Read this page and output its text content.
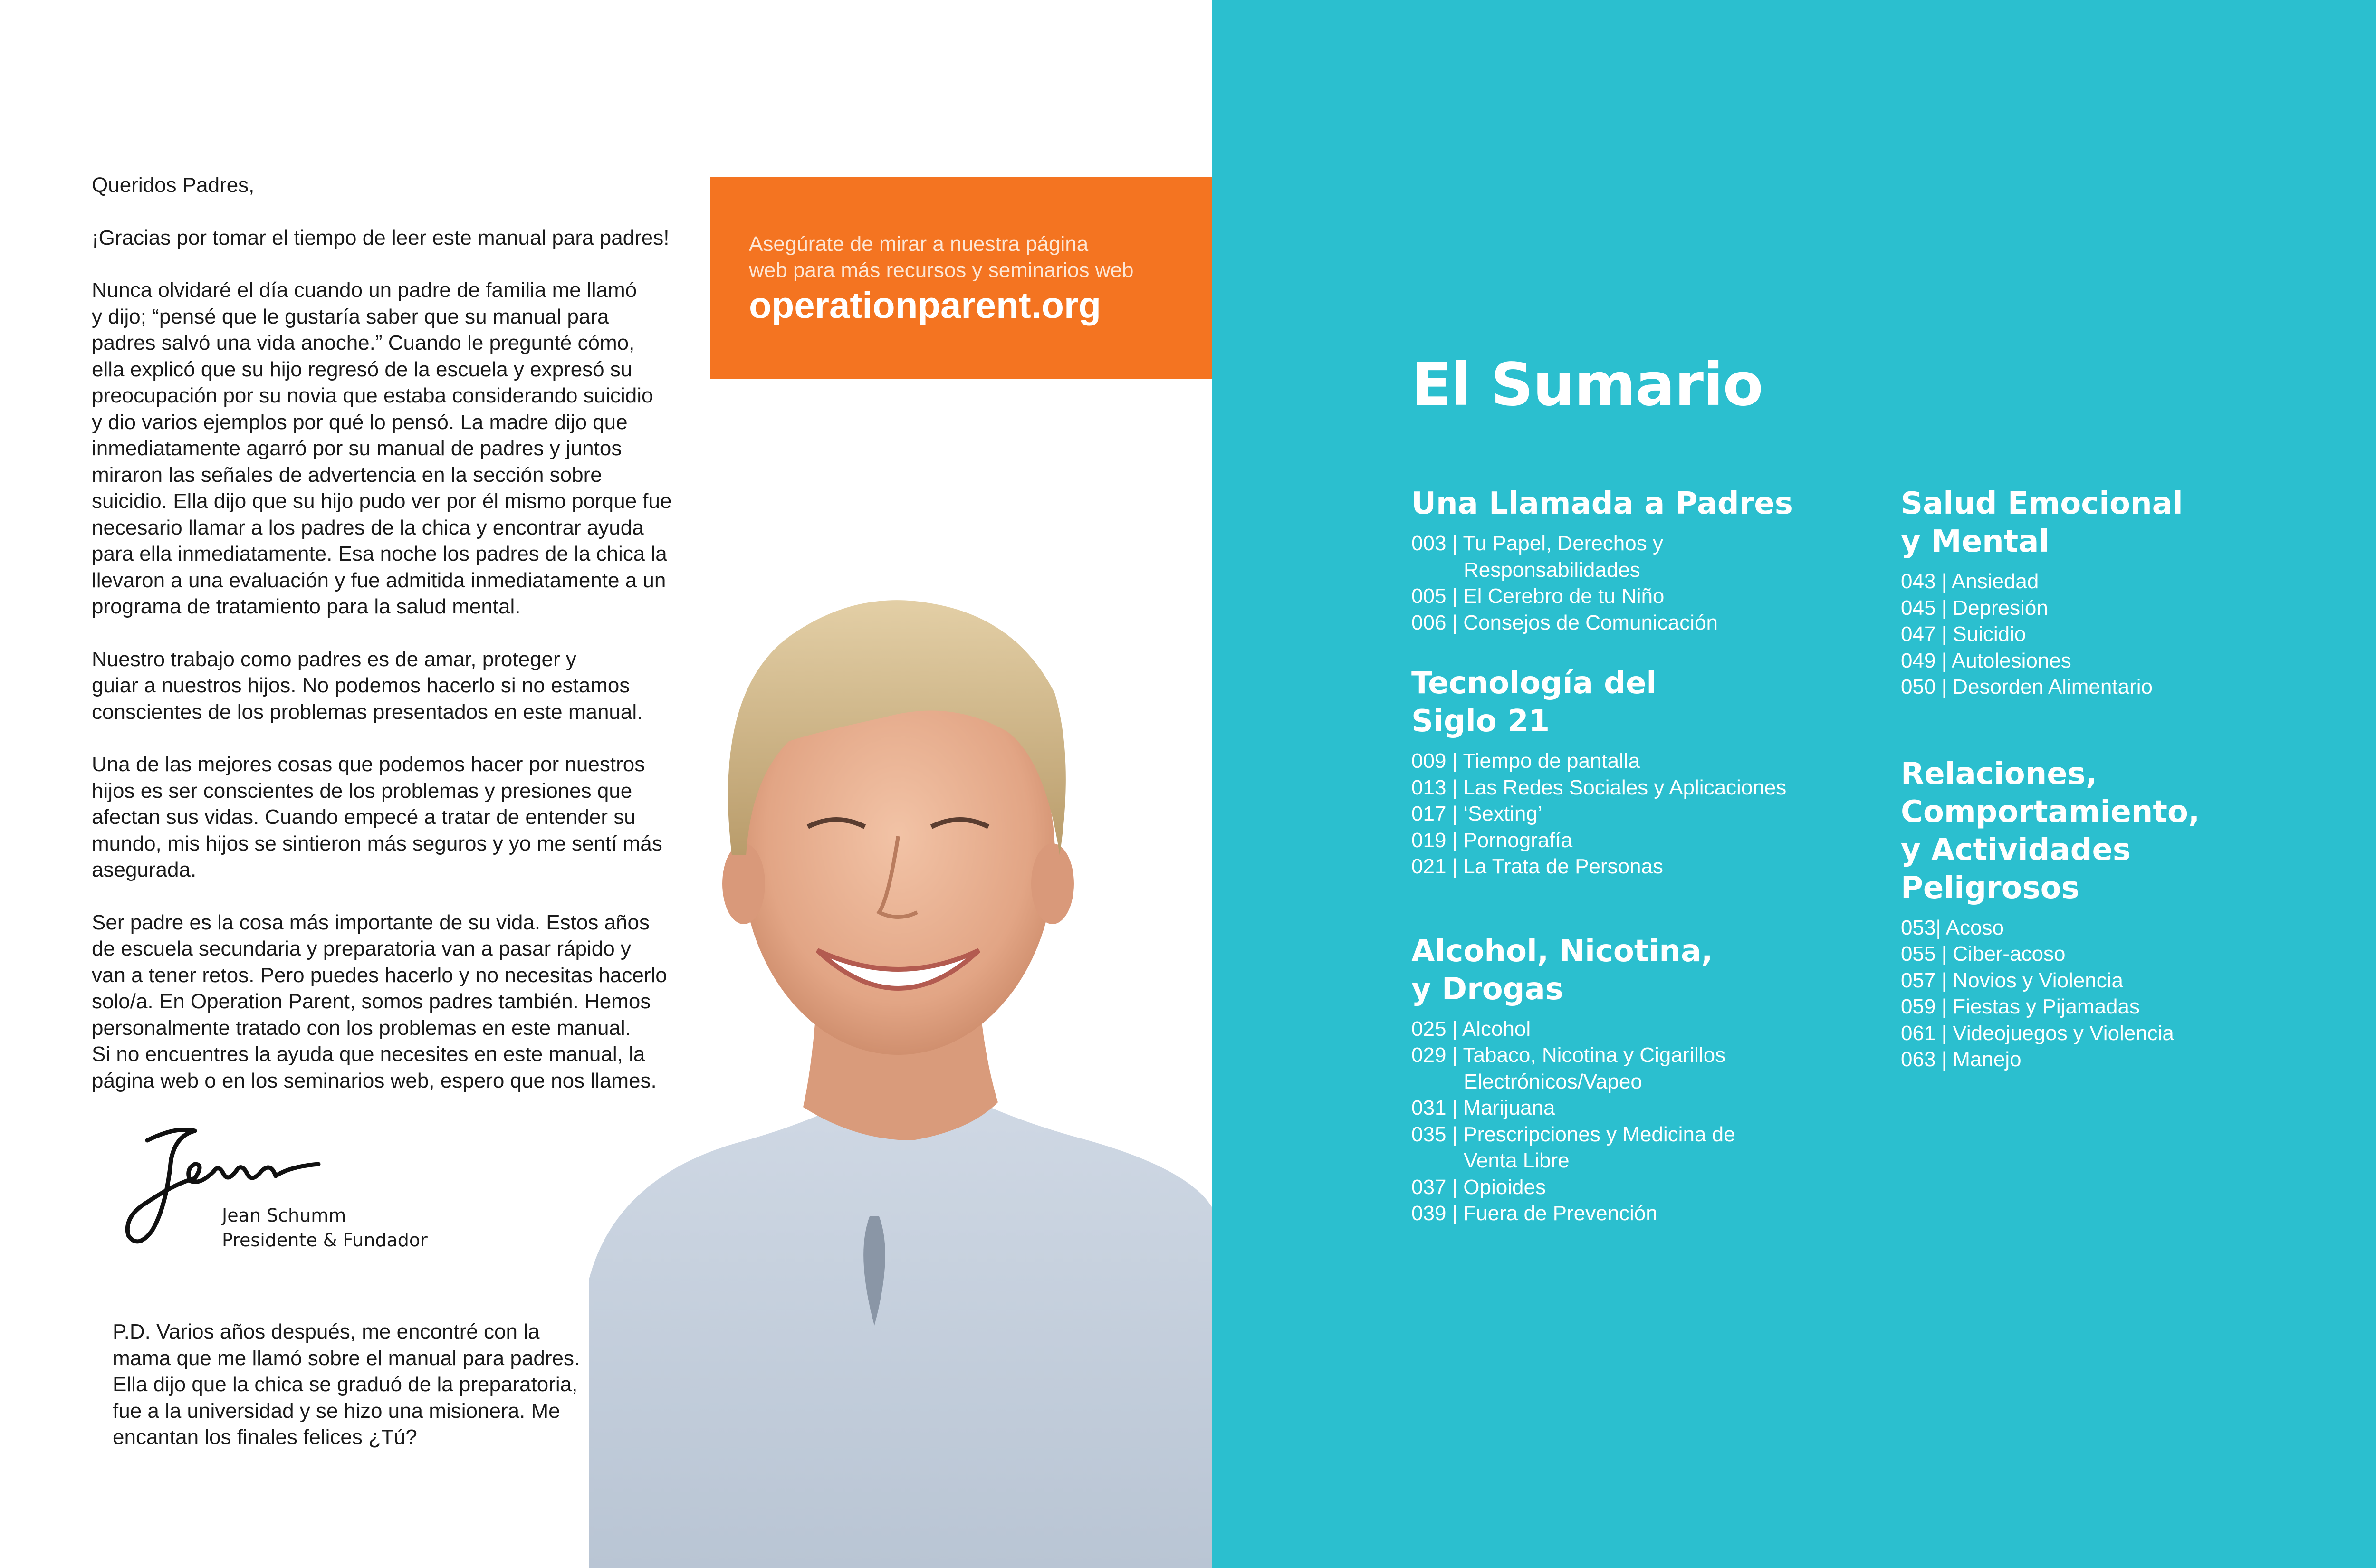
Queridos Padres,

¡Gracias por tomar el tiempo de leer este manual para padres!

Nunca olvidaré el día cuando un padre de familia me llamó
y dijo; “pensé que le gustaría saber que su manual para
padres salvó una vida anoche.” Cuando le pregunté cómo,
ella explicó que su hijo regresó de la escuela y expresó su
preocupación por su novia que estaba considerando suicidio
y dio varios ejemplos por qué lo pensó. La madre dijo que
inmediatamente agarró por su manual de padres y juntos
miraron las señales de advertencia en la sección sobre
suicidio. Ella dijo que su hijo pudo ver por él mismo porque fue
necesario llamar a los padres de la chica y encontrar ayuda
para ella inmediatamente. Esa noche los padres de la chica la
llevaron a una evaluación y fue admitida inmediatamente a un
programa de tratamiento para la salud mental.

Nuestro trabajo como padres es de amar, proteger y
guiar a nuestros hijos. No podemos hacerlo si no estamos
conscientes de los problemas presentados en este manual.

Una de las mejores cosas que podemos hacer por nuestros
hijos es ser conscientes de los problemas y presiones que
afectan sus vidas. Cuando empecé a tratar de entender su
mundo, mis hijos se sintieron más seguros y yo me sentí más
asegurada.

Ser padre es la cosa más importante de su vida. Estos años
de escuela secundaria y preparatoria van a pasar rápido y
van a tener retos. Pero puedes hacerlo y no necesitas hacerlo
solo/a. En Operation Parent, somos padres también. Hemos
personalmente tratado con los problemas en este manual.
Si no encuentres la ayuda que necesites en este manual, la
página web o en los seminarios web, espero que nos llames.

Asegúrate de mirar a nuestra página
web para más recursos y seminarios web
operationparent.org
Jean Schumm
Presidente & Fundador
P.D. Varios años después, me encontré con la
mama que me llamó sobre el manual para padres.
Ella dijo que la chica se graduó de la preparatoria,
fue a la universidad y se hizo una misionera. Me
encantan los finales felices ¿Tú?
El Sumario
Una Llamada a Padres
003 | Tu Papel, Derechos y
Responsabilidades
005 | El Cerebro de tu Niño
006 | Consejos de Comunicación
Tecnología del
Siglo 21
009 | Tiempo de pantalla
013 | Las Redes Sociales y Aplicaciones
017 | ‘Sexting’
019 | Pornografía
021 | La Trata de Personas
Alcohol, Nicotina,
y Drogas
025 | Alcohol
029 | Tabaco, Nicotina y Cigarillos
Electrónicos/Vapeo
031 | Marijuana
035 | Prescripciones y Medicina de
Venta Libre
037 | Opioides
039 | Fuera de Prevención
Salud Emocional
y Mental
043 | Ansiedad
045 | Depresión
047 | Suicidio
049 | Autolesiones
050 | Desorden Alimentario
Relaciones,
Comportamiento,
y Actividades
Peligrosos
053| Acoso
055 | Ciber-acoso
057 | Novios y Violencia
059 | Fiestas y Pijamadas
061 | Videojuegos y Violencia
063 | Manejo
